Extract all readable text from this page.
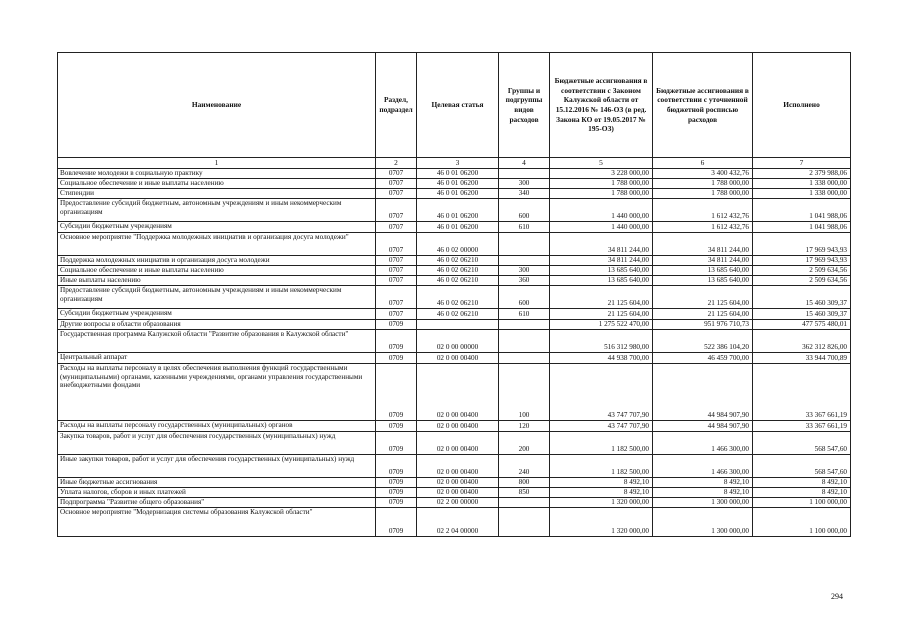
Наименование	Раздел, подраздел	Целевая статья	Группы и подгруппы видов расходов	Бюджетные ассигнования в соответствии с Законом Калужской области от 15.12.2016 № 146-ОЗ (в ред. Закона КО от 19.05.2017 № 195-ОЗ)	Бюджетные ассигнования в соответствии с уточненной бюджетной росписью расходов	Исполнено
1	2	3	4	5	6	7
Вовлечение молодежи в социальную практику	0707	46 0 01 06200		3 228 000,00	3 400 432,76	2 379 988,06
Социальное обеспечение и иные выплаты населению	0707	46 0 01 06200	300	1 788 000,00	1 788 000,00	1 338 000,00
Стипендии	0707	46 0 01 06200	340	1 788 000,00	1 788 000,00	1 338 000,00
Предоставление субсидий бюджетным, автономным учреждениям и иным некоммерческим организациям	0707	46 0 01 06200	600	1 440 000,00	1 612 432,76	1 041 988,06
Субсидии бюджетным учреждениям	0707	46 0 01 06200	610	1 440 000,00	1 612 432,76	1 041 988,06
Основное мероприятие "Поддержка молодежных инициатив и организация досуга молодежи"	0707	46 0 02 00000		34 811 244,00	34 811 244,00	17 969 943,93
Поддержка молодежных инициатив и организация досуга молодежи	0707	46 0 02 06210		34 811 244,00	34 811 244,00	17 969 943,93
Социальное обеспечение и иные выплаты населению	0707	46 0 02 06210	300	13 685 640,00	13 685 640,00	2 509 634,56
Иные выплаты населению	0707	46 0 02 06210	360	13 685 640,00	13 685 640,00	2 509 634,56
Предоставление субсидий бюджетным, автономным учреждениям и иным некоммерческим организациям	0707	46 0 02 06210	600	21 125 604,00	21 125 604,00	15 460 309,37
Субсидии бюджетным учреждениям	0707	46 0 02 06210	610	21 125 604,00	21 125 604,00	15 460 309,37
Другие вопросы в области образования	0709			1 275 522 470,00	951 976 710,73	477 575 480,01
Государственная программа Калужской области "Развитие образования в Калужской области"	0709	02 0 00 00000		516 312 980,00	522 386 104,20	362 312 826,00
Центральный аппарат	0709	02 0 00 00400		44 938 700,00	46 459 700,00	33 944 700,89
Расходы на выплаты персоналу в целях обеспечения выполнения функций государственными (муниципальными) органами, казенными учреждениями, органами управления государственными внебюджетными фондами	0709	02 0 00 00400	100	43 747 707,90	44 984 907,90	33 367 661,19
Расходы на выплаты персоналу государственных (муниципальных) органов	0709	02 0 00 00400	120	43 747 707,90	44 984 907,90	33 367 661,19
Закупка товаров, работ и услуг для обеспечения государственных (муниципальных) нужд	0709	02 0 00 00400	200	1 182 500,00	1 466 300,00	568 547,60
Иные закупки товаров, работ и услуг для обеспечения государственных (муниципальных) нужд	0709	02 0 00 00400	240	1 182 500,00	1 466 300,00	568 547,60
Иные бюджетные ассигнования	0709	02 0 00 00400	800	8 492,10	8 492,10	8 492,10
Уплата налогов, сборов и иных платежей	0709	02 0 00 00400	850	8 492,10	8 492,10	8 492,10
Подпрограмма "Развитие общего образования"	0709	02 2 00 00000		1 320 000,00	1 300 000,00	1 100 000,00
Основное мероприятие "Модернизация системы образования Калужской области"	0709	02 2 04 00000		1 320 000,00	1 300 000,00	1 100 000,00
294
